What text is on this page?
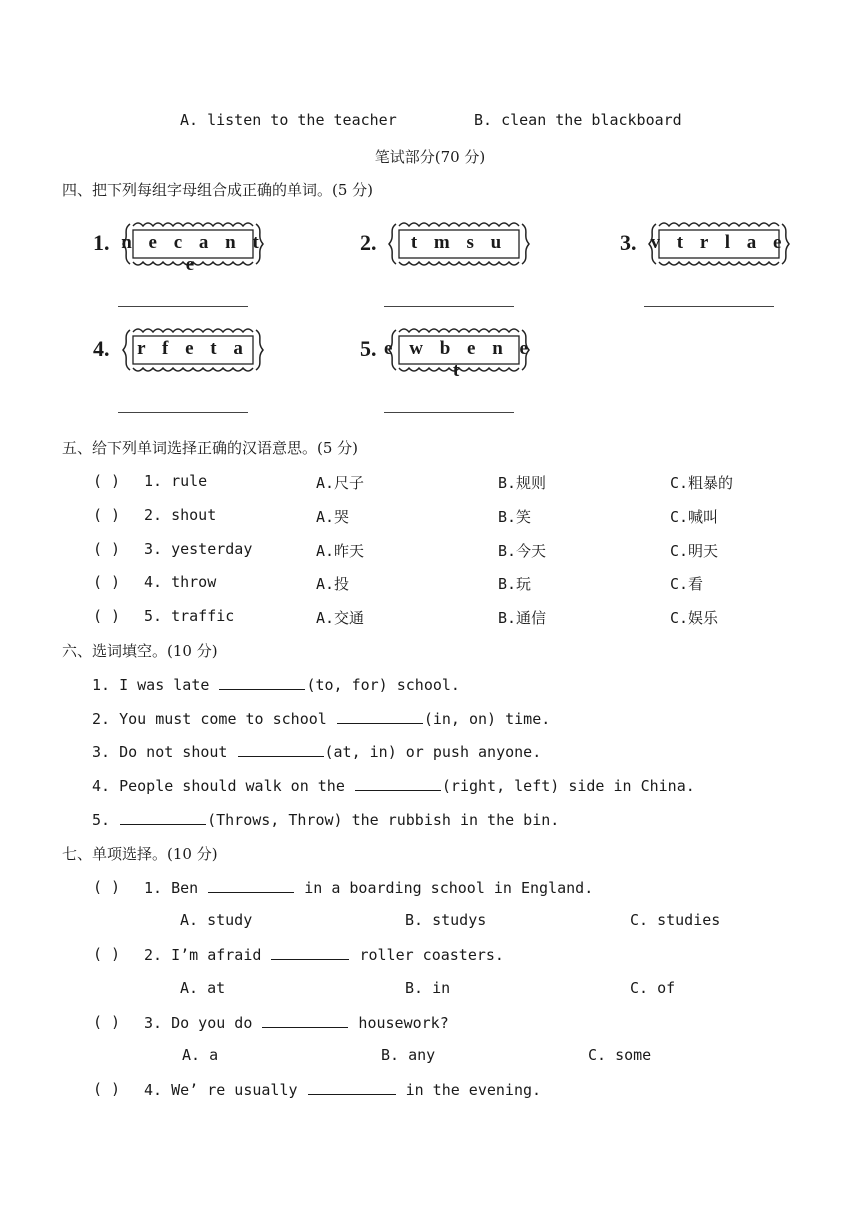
A. listen to the teacher	B. clean the blackboard
笔试部分(70 分)
四、把下列每组字母组合成正确的单词。(5 分)
1. n e c a n t e
2.	t m s u	3. v t r l a e
4.	r f e t a	5. e w b e n e t
五、给下列单词选择正确的汉语意思。(5 分)
( ) 1. rule	A.尺子	B.规则	C.粗暴的
( ) 2. shout	A.哭	B.笑	C.喊叫
( ) 3. yesterday	A.昨天	B.今天	C.明天
( ) 4. throw	A.投	B.玩	C.看
( ) 5. traffic	A.交通	B.通信	C.娱乐
六、选词填空。(10 分)
1. I was late	(to, for) school.
2. You must come to school	(in, on) time.
3. Do not shout	(at, in) or push anyone.
4. People should walk on the	(right, left) side in China.
5.	(Throws, Throw) the rubbish in the bin.
七、单项选择。(10 分)
( ) 1. Ben	in a boarding school in England.
A. study	B. studys	C. studies
( ) 2. I’m afraid	roller coasters.
A. at	B. in	C. of
( ) 3. Do you do	housework?
A. a	B. any	C. some
( ) 4. We’ re usually	in the evening.
